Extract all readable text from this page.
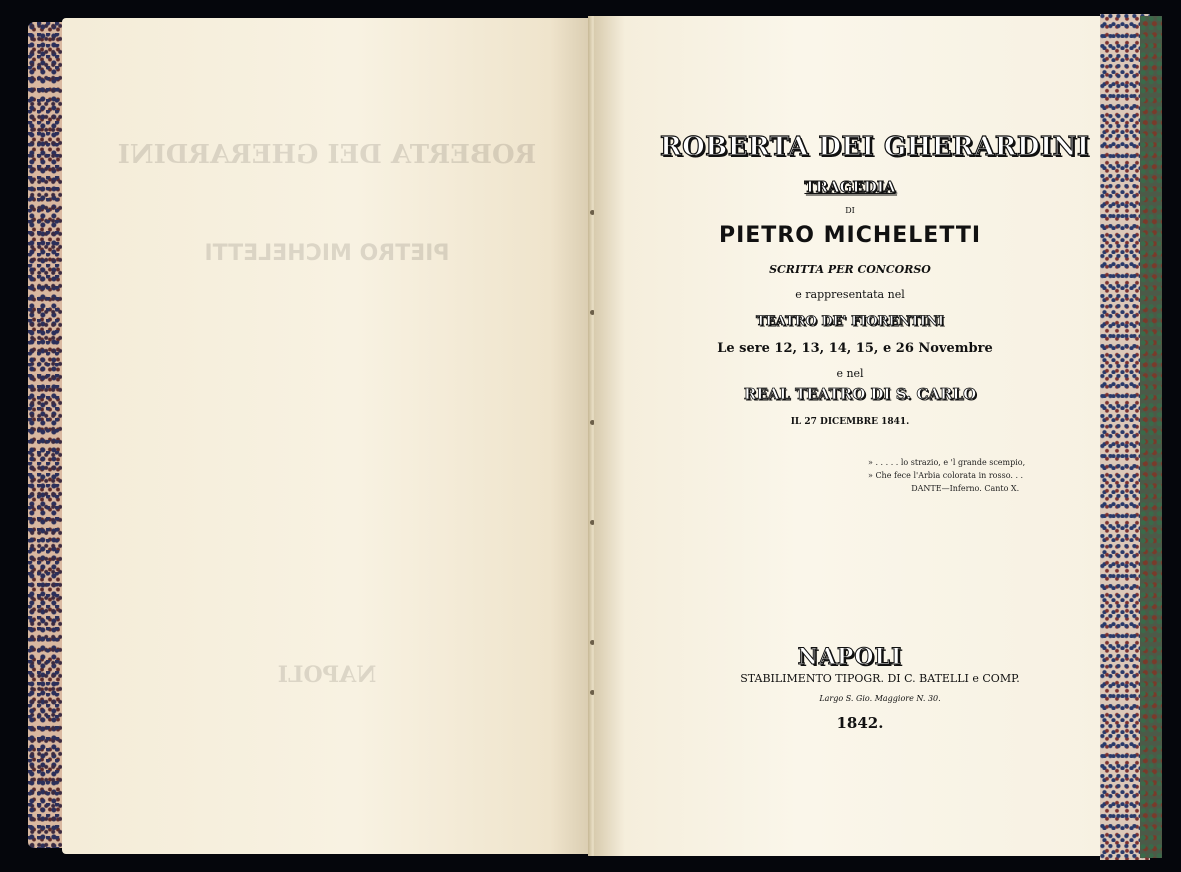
ROBERTA DEI GHERARDINI
TRAGEDIA
DI
PIETRO MICHELETTI
SCRITTA PER CONCORSO
e rappresentata nel
TEATRO DE' FIORENTINI
Le sere 12, 13, 14, 15, e 26 Novembre
e nel
REAL TEATRO DI S. CARLO
IL 27 DICEMBRE 1841.
» . . . . . lo strazio, e 'l grande scempio,
» Che fece l'Arbia colorata in rosso. . .
DANTE—Inferno. Canto X.
NAPOLI
STABILIMENTO TIPOGR. DI C. BATELLI e COMP.
Largo S. Gio. Maggiore N. 30.
1842.
